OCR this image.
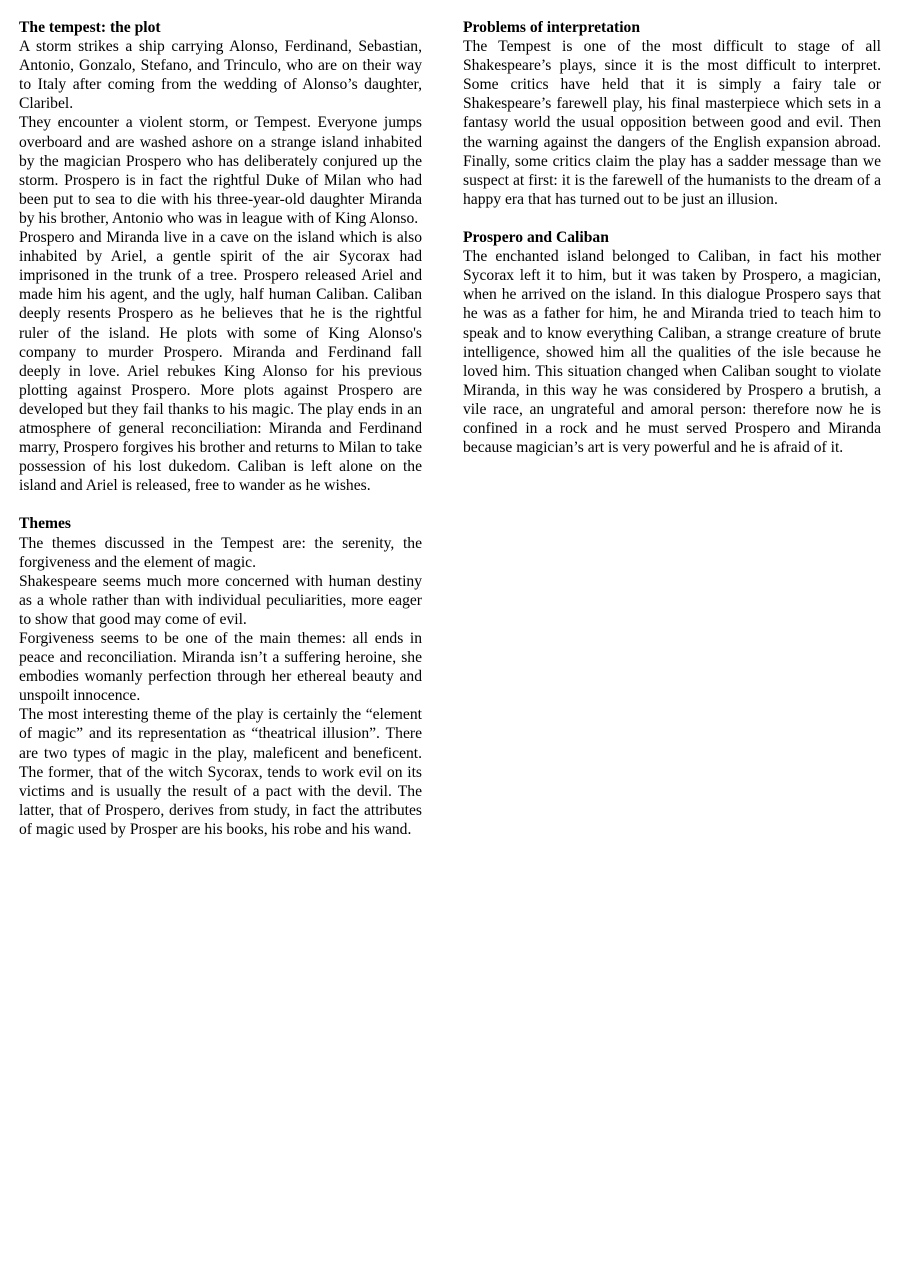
The tempest: the plot

A storm strikes a ship carrying Alonso, Ferdinand, Sebastian, Antonio, Gonzalo, Stefano, and Trinculo, who are on their way to Italy after coming from the wedding of Alonso’s daughter, Claribel.

They encounter a violent storm, or Tempest. Everyone jumps overboard and are washed ashore on a strange island inhabited by the magician Prospero who has deliberately conjured up the storm. Prospero is in fact the rightful Duke of Milan who had been put to sea to die with his three-year-old daughter Miranda by his brother, Antonio who was in league with of King Alonso.

Prospero and Miranda live in a cave on the island which is also inhabited by Ariel, a gentle spirit of the air Sycorax had imprisoned in the trunk of a tree. Prospero released Ariel and made him his agent, and the ugly, half human Caliban. Caliban deeply resents Prospero as he believes that he is the rightful ruler of the island. He plots with some of King Alonso's company to murder Prospero. Miranda and Ferdinand fall deeply in love. Ariel rebukes King Alonso for his previous plotting against Prospero. More plots against Prospero are developed but they fail thanks to his magic. The play ends in an atmosphere of general reconciliation: Miranda and Ferdinand marry, Prospero forgives his brother and returns to Milan to take possession of his lost dukedom. Caliban is left alone on the island and Ariel is released, free to wander as he wishes.

Themes

The themes discussed in the Tempest are: the serenity, the forgiveness and the element of magic.

Shakespeare seems much more concerned with human destiny as a whole rather than with individual peculiarities, more eager to show that good may come of evil.

Forgiveness seems to be one of the main themes: all ends in peace and reconciliation. Miranda isn’t a suffering heroine, she embodies womanly perfection through her ethereal beauty and unspoilt innocence.

The most interesting theme of the play is certainly the “element of magic” and its representation as “theatrical illusion”. There are two types of magic in the play, maleficent and beneficent. The former, that of the witch Sycorax, tends to work evil on its victims and is usually the result of a pact with the devil. The latter, that of Prospero, derives from study, in fact the attributes of magic used by Prosper are his books, his robe and his wand.

Problems of interpretation

The Tempest is one of the most difficult to stage of all Shakespeare’s plays, since it is the most difficult to interpret. Some critics have held that it is simply a fairy tale or Shakespeare’s farewell play, his final masterpiece which sets in a fantasy world the usual opposition between good and evil. Then the warning against the dangers of the English expansion abroad. Finally, some critics claim the play has a sadder message than we suspect at first: it is the farewell of the humanists to the dream of a happy era that has turned out to be just an illusion.

Prospero and Caliban

The enchanted island belonged to Caliban, in fact his mother Sycorax left it to him, but it was taken by Prospero, a magician, when he arrived on the island. In this dialogue Prospero says that he was as a father for him, he and Miranda tried to teach him to speak and to know everything Caliban, a strange creature of brute intelligence, showed him all the qualities of the isle because he loved him. This situation changed when Caliban sought to violate Miranda, in this way he was considered by Prospero a brutish, a vile race, an ungrateful and amoral person: therefore now he is confined in a rock and he must served Prospero and Miranda because magician’s art is very powerful and he is afraid of it.
